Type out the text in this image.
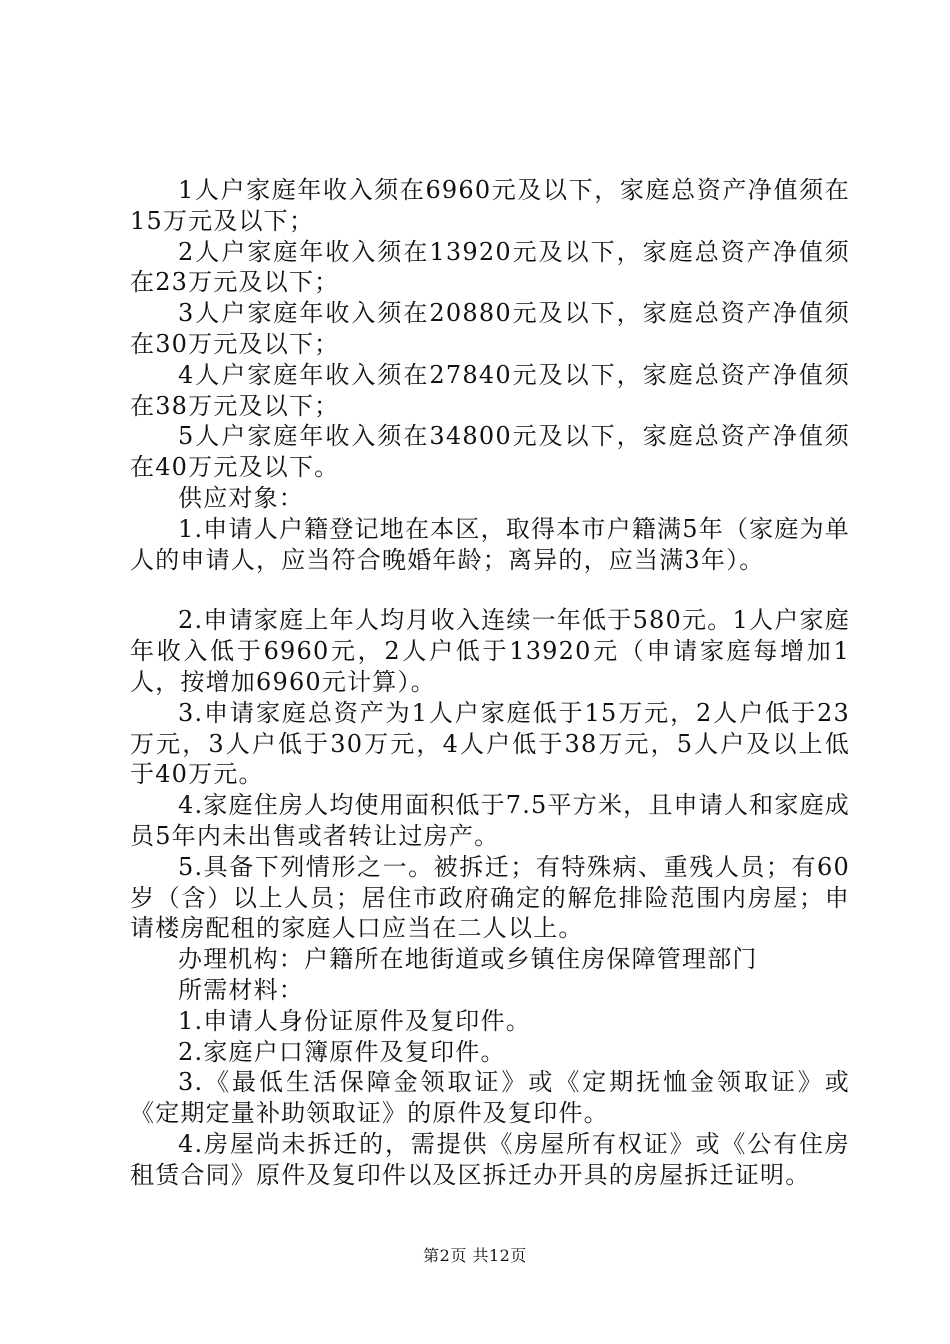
1人户家庭年收入须在6960元及以下，家庭总资产净值须在15万元及以下；

2人户家庭年收入须在13920元及以下，家庭总资产净值须在23万元及以下；

3人户家庭年收入须在20880元及以下，家庭总资产净值须在30万元及以下；

4人户家庭年收入须在27840元及以下，家庭总资产净值须在38万元及以下；

5人户家庭年收入须在34800元及以下，家庭总资产净值须在40万元及以下。

供应对象：

1.申请人户籍登记地在本区，取得本市户籍满5年（家庭为单人的申请人，应当符合晚婚年龄；离异的，应当满3年）。

2.申请家庭上年人均月收入连续一年低于580元。1人户家庭年收入低于6960元，2人户低于13920元（申请家庭每增加1人，按增加6960元计算）。

3.申请家庭总资产为1人户家庭低于15万元，2人户低于23万元，3人户低于30万元，4人户低于38万元，5人户及以上低于40万元。

4.家庭住房人均使用面积低于7.5平方米，且申请人和家庭成员5年内未出售或者转让过房产。

5.具备下列情形之一。被拆迁；有特殊病、重残人员；有60岁（含）以上人员；居住市政府确定的解危排险范围内房屋；申请楼房配租的家庭人口应当在二人以上。

办理机构：户籍所在地街道或乡镇住房保障管理部门

所需材料：

1.申请人身份证原件及复印件。

2.家庭户口簿原件及复印件。

3.《最低生活保障金领取证》或《定期抚恤金领取证》或《定期定量补助领取证》的原件及复印件。

4.房屋尚未拆迁的，需提供《房屋所有权证》或《公有住房租赁合同》原件及复印件以及区拆迁办开具的房屋拆迁证明。

第2页 共12页
